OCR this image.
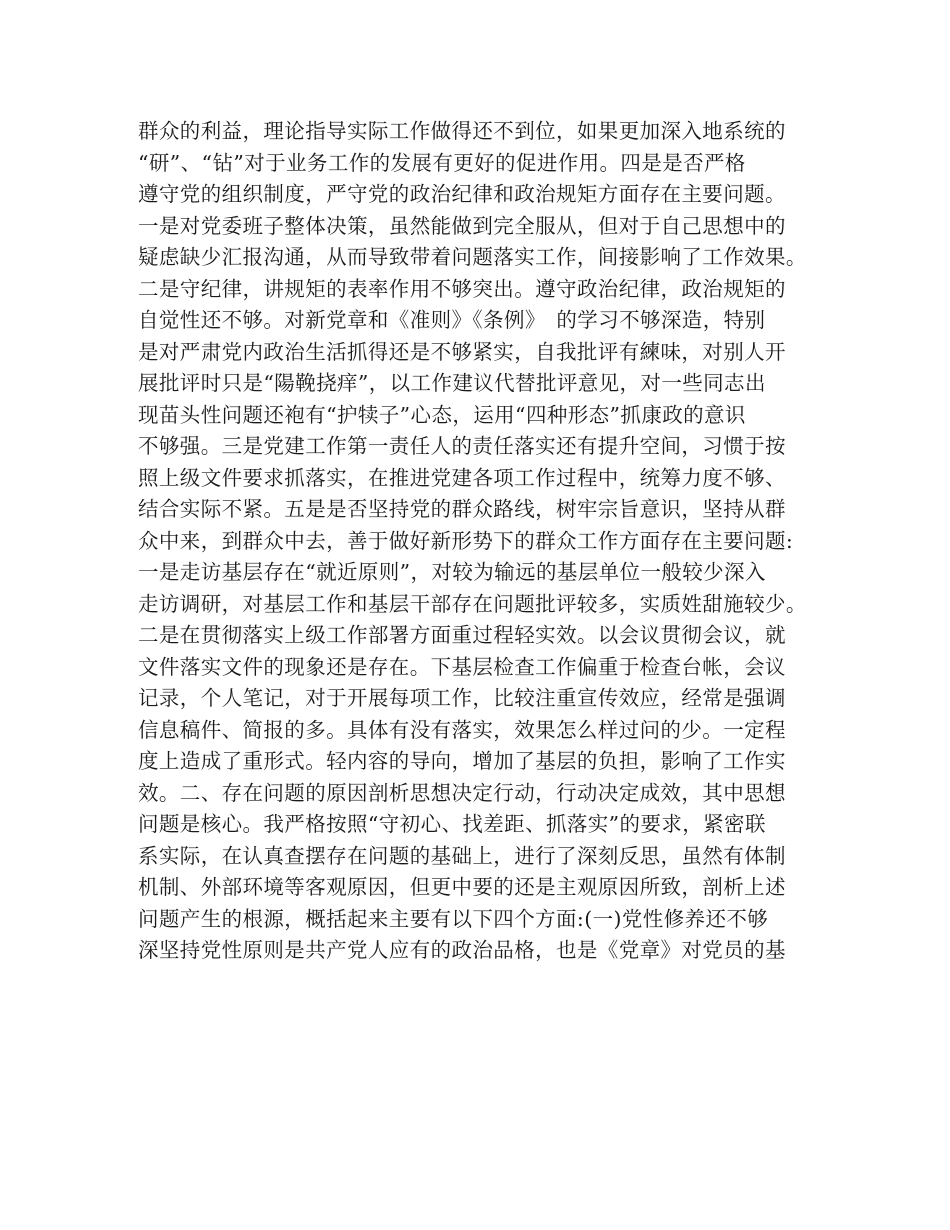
群众的利益，理论指导实际工作做得还不到位，如果更加深入地系统的
“研”、“钻”对于业务工作的发展有更好的促进作用。四是是否严格
遵守党的组织制度，严守党的政治纪律和政治规矩方面存在主要问题。
一是对党委班子整体决策，虽然能做到完全服从，但对于自己思想中的
疑虑缺少汇报沟通，从而导致带着问题落实工作，间接影响了工作效果。
二是守纪律，讲规矩的表率作用不够突出。遵守政治纪律，政治规矩的
自觉性还不够。对新党章和《准则》《条例》　的学习不够深造，特别
是对严肃党内政治生活抓得还是不够紧实，自我批评有練味，对别人开
展批评时只是“陽鞔挠痒”，以工作建议代替批评意见，对一些同志出
现苗头性问题还袍有“护犊子”心态，运用“四种形态”抓康政的意识
不够强。三是党建工作第一责任人的责任落实还有提升空间，习惯于按
照上级文件要求抓落实，在推进党建各项工作过程中，统筹力度不够、
结合实际不紧。五是是否坚持党的群众路线，树牢宗旨意识，坚持从群
众中来，到群众中去，善于做好新形势下的群众工作方面存在主要问题:
一是走访基层存在“就近原则”，对较为输远的基层单位一般较少深入
走访调研，对基层工作和基层干部存在问题批评较多，实质姓甜施较少。
二是在贯彻落实上级工作部署方面重过程轻实效。以会议贯彻会议，就
文件落实文件的现象还是存在。下基层检查工作偏重于检查台帐，会议
记录，个人笔记，对于开展每项工作，比较注重宣传效应，经常是强调
信息稿件、简报的多。具体有没有落实，效果怎么样过问的少。一定程
度上造成了重形式。轻内容的导向，增加了基层的负担，影响了工作实
效。二、存在问题的原因剖析思想决定行动，行动决定成效，其中思想
问题是核心。我严格按照“守初心、找差距、抓落实”的要求，紧密联
系实际，在认真查摆存在问题的基础上，进行了深刻反思，虽然有体制
机制、外部环境等客观原因，但更中要的还是主观原因所致，剖析上述
问题产生的根源，概括起来主要有以下四个方面:(一)党性修养还不够
深坚持党性原则是共产党人应有的政治品格，也是《党章》对党员的基
